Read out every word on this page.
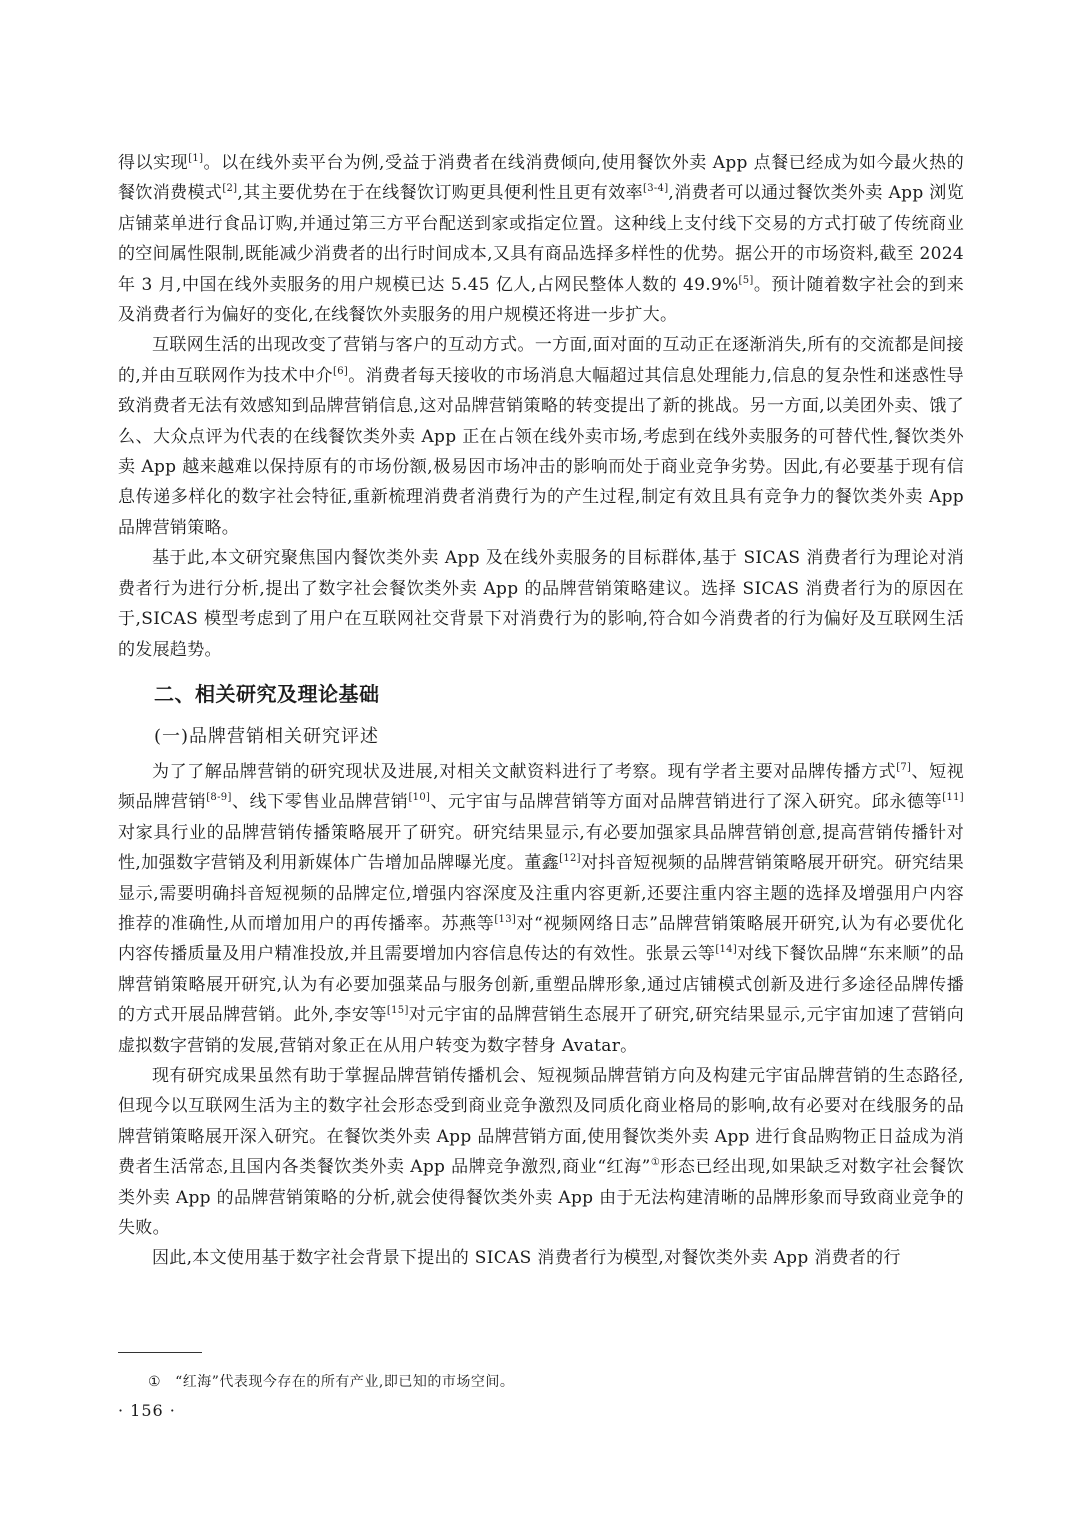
得以实现[1]。以在线外卖平台为例,受益于消费者在线消费倾向,使用餐饮外卖 App 点餐已经成为如今最火热的餐饮消费模式[2],其主要优势在于在线餐饮订购更具便利性且更有效率[3-4],消费者可以通过餐饮类外卖 App 浏览店铺菜单进行食品订购,并通过第三方平台配送到家或指定位置。这种线上支付线下交易的方式打破了传统商业的空间属性限制,既能减少消费者的出行时间成本,又具有商品选择多样性的优势。据公开的市场资料,截至 2024 年 3 月,中国在线外卖服务的用户规模已达 5.45 亿人,占网民整体人数的 49.9%[5]。预计随着数字社会的到来及消费者行为偏好的变化,在线餐饮外卖服务的用户规模还将进一步扩大。

互联网生活的出现改变了营销与客户的互动方式。一方面,面对面的互动正在逐渐消失,所有的交流都是间接的,并由互联网作为技术中介[6]。消费者每天接收的市场消息大幅超过其信息处理能力,信息的复杂性和迷惑性导致消费者无法有效感知到品牌营销信息,这对品牌营销策略的转变提出了新的挑战。另一方面,以美团外卖、饿了么、大众点评为代表的在线餐饮类外卖 App 正在占领在线外卖市场,考虑到在线外卖服务的可替代性,餐饮类外卖 App 越来越难以保持原有的市场份额,极易因市场冲击的影响而处于商业竞争劣势。因此,有必要基于现有信息传递多样化的数字社会特征,重新梳理消费者消费行为的产生过程,制定有效且具有竞争力的餐饮类外卖 App 品牌营销策略。

基于此,本文研究聚焦国内餐饮类外卖 App 及在线外卖服务的目标群体,基于 SICAS 消费者行为理论对消费者行为进行分析,提出了数字社会餐饮类外卖 App 的品牌营销策略建议。选择 SICAS 消费者行为的原因在于,SICAS 模型考虑到了用户在互联网社交背景下对消费行为的影响,符合如今消费者的行为偏好及互联网生活的发展趋势。

二、相关研究及理论基础
(一)品牌营销相关研究评述

为了了解品牌营销的研究现状及进展,对相关文献资料进行了考察。现有学者主要对品牌传播方式[7]、短视频品牌营销[8-9]、线下零售业品牌营销[10]、元宇宙与品牌营销等方面对品牌营销进行了深入研究。邱永德等[11]对家具行业的品牌营销传播策略展开了研究。研究结果显示,有必要加强家具品牌营销创意,提高营销传播针对性,加强数字营销及利用新媒体广告增加品牌曝光度。董鑫[12]对抖音短视频的品牌营销策略展开研究。研究结果显示,需要明确抖音短视频的品牌定位,增强内容深度及注重内容更新,还要注重内容主题的选择及增强用户内容推荐的准确性,从而增加用户的再传播率。苏燕等[13]对“视频网络日志”品牌营销策略展开研究,认为有必要优化内容传播质量及用户精准投放,并且需要增加内容信息传达的有效性。张景云等[14]对线下餐饮品牌“东来顺”的品牌营销策略展开研究,认为有必要加强菜品与服务创新,重塑品牌形象,通过店铺模式创新及进行多途径品牌传播的方式开展品牌营销。此外,李安等[15]对元宇宙的品牌营销生态展开了研究,研究结果显示,元宇宙加速了营销向虚拟数字营销的发展,营销对象正在从用户转变为数字替身 Avatar。

现有研究成果虽然有助于掌握品牌营销传播机会、短视频品牌营销方向及构建元宇宙品牌营销的生态路径,但现今以互联网生活为主的数字社会形态受到商业竞争激烈及同质化商业格局的影响,故有必要对在线服务的品牌营销策略展开深入研究。在餐饮类外卖 App 品牌营销方面,使用餐饮类外卖 App 进行食品购物正日益成为消费者生活常态,且国内各类餐饮类外卖 App 品牌竞争激烈,商业“红海”①形态已经出现,如果缺乏对数字社会餐饮类外卖 App 的品牌营销策略的分析,就会使得餐饮类外卖 App 由于无法构建清晰的品牌形象而导致商业竞争的失败。

因此,本文使用基于数字社会背景下提出的 SICAS 消费者行为模型,对餐饮类外卖 App 消费者的行

① “红海”代表现今存在的所有产业,即已知的市场空间。
· 156 ·
